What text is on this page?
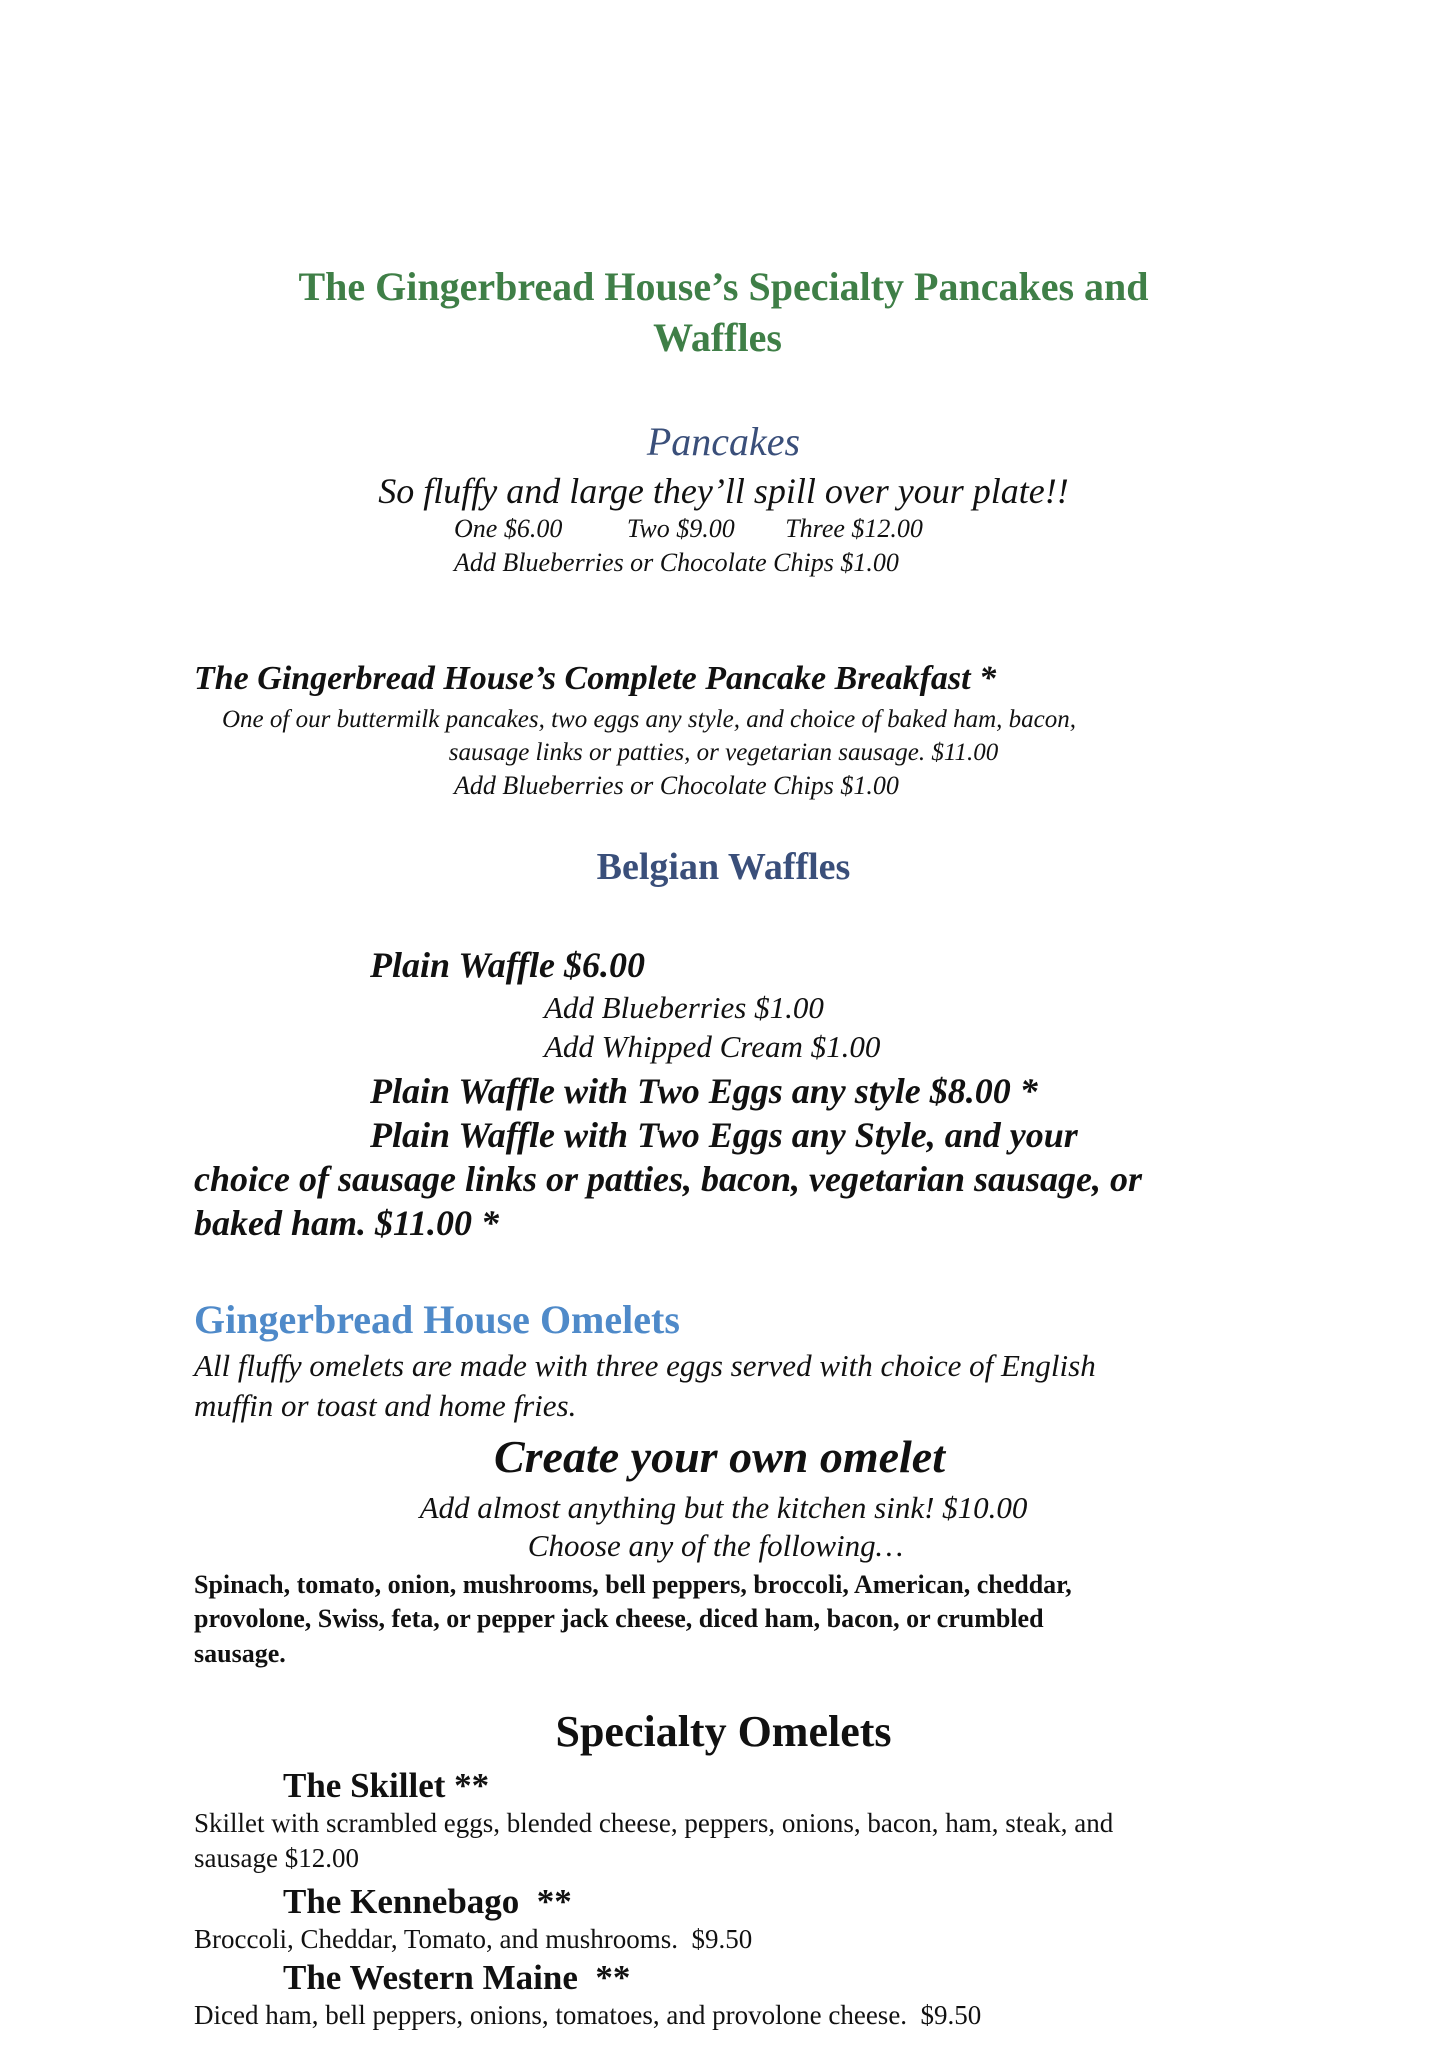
The Gingerbread House’s Specialty Pancakes and
Waffles
Pancakes
So fluffy and large they’ll spill over your plate!!
One $6.00 Two $9.00 Three $12.00
Add Blueberries or Chocolate Chips $1.00
The Gingerbread House’s Complete Pancake Breakfast *
One of our buttermilk pancakes, two eggs any style, and choice of baked ham, bacon,
sausage links or patties, or vegetarian sausage. $11.00
Add Blueberries or Chocolate Chips $1.00
Belgian Waffles
Plain Waffle $6.00
Add Blueberries $1.00
Add Whipped Cream $1.00
Plain Waffle with Two Eggs any style $8.00 *
Plain Waffle with Two Eggs any Style, and your
choice of sausage links or patties, bacon, vegetarian sausage, or
baked ham. $11.00 *
Gingerbread House Omelets
All fluffy omelets are made with three eggs served with choice of English
muffin or toast and home fries.
Create your own omelet
Add almost anything but the kitchen sink! $10.00
Choose any of the following…
Spinach, tomato, onion, mushrooms, bell peppers, broccoli, American, cheddar,
provolone, Swiss, feta, or pepper jack cheese, diced ham, bacon, or crumbled
sausage.
Specialty Omelets
The Skillet **
Skillet with scrambled eggs, blended cheese, peppers, onions, bacon, ham, steak, and
sausage $12.00
The Kennebago  **
Broccoli, Cheddar, Tomato, and mushrooms.  $9.50
The Western Maine  **
Diced ham, bell peppers, onions, tomatoes, and provolone cheese.  $9.50
